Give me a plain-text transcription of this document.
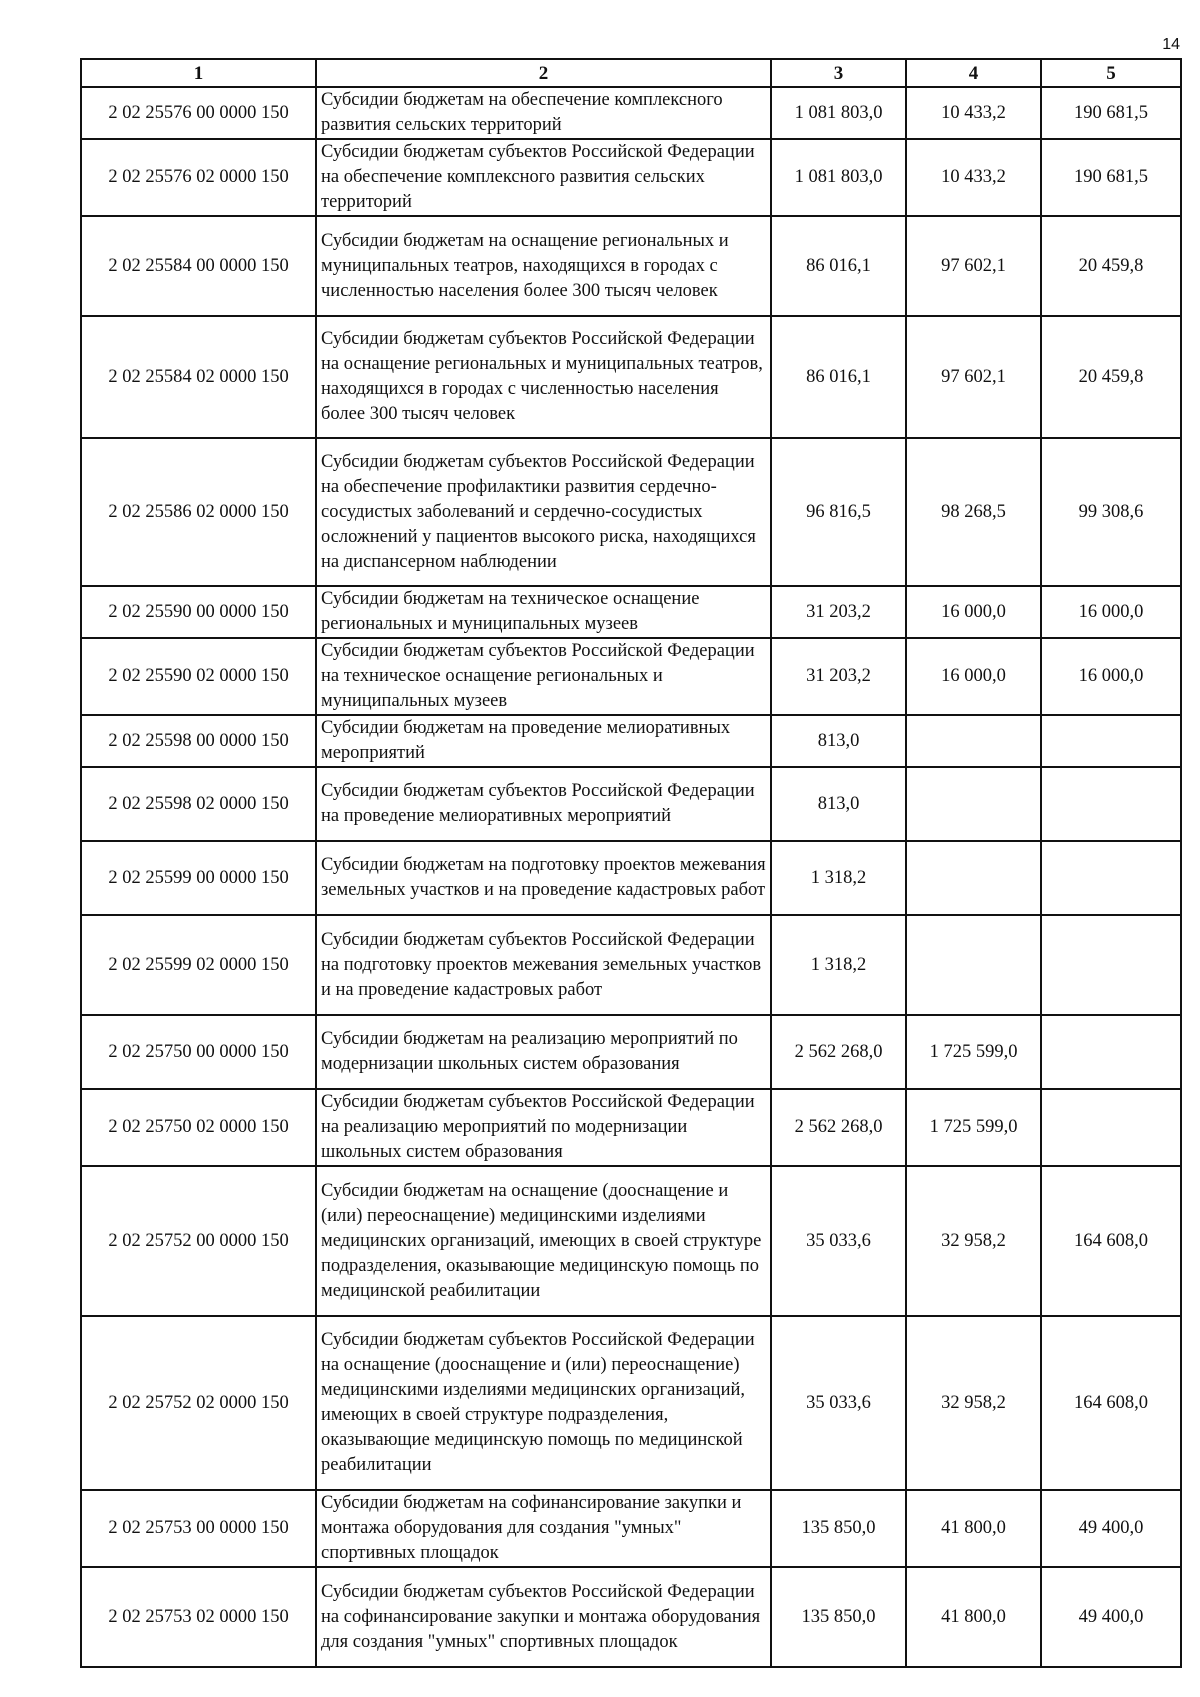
14
1	2	3	4	5
2 02 25576 00 0000 150	Субсидии бюджетам на обеспечение комплексного развития сельских территорий	1 081 803,0	10 433,2	190 681,5
2 02 25576 02 0000 150	Субсидии бюджетам субъектов Российской Федерации на обеспечение комплексного развития сельских территорий	1 081 803,0	10 433,2	190 681,5
2 02 25584 00 0000 150	Субсидии бюджетам на оснащение региональных и муниципальных театров, находящихся в городах с численностью населения более 300 тысяч человек	86 016,1	97 602,1	20 459,8
2 02 25584 02 0000 150	Субсидии бюджетам субъектов Российской Федерации на оснащение региональных и муниципальных театров, находящихся в городах с численностью населения более 300 тысяч человек	86 016,1	97 602,1	20 459,8
2 02 25586 02 0000 150	Субсидии бюджетам субъектов Российской Федерации на обеспечение профилактики развития сердечно-сосудистых заболеваний и сердечно-сосудистых осложнений у пациентов высокого риска, находящихся на диспансерном наблюдении	96 816,5	98 268,5	99 308,6
2 02 25590 00 0000 150	Субсидии бюджетам на техническое оснащение региональных и муниципальных музеев	31 203,2	16 000,0	16 000,0
2 02 25590 02 0000 150	Субсидии бюджетам субъектов Российской Федерации на техническое оснащение региональных и муниципальных музеев	31 203,2	16 000,0	16 000,0
2 02 25598 00 0000 150	Субсидии бюджетам на проведение мелиоративных мероприятий	813,0		
2 02 25598 02 0000 150	Субсидии бюджетам субъектов Российской Федерации на проведение мелиоративных мероприятий	813,0		
2 02 25599 00 0000 150	Субсидии бюджетам на подготовку проектов межевания земельных участков и на проведение кадастровых работ	1 318,2		
2 02 25599 02 0000 150	Субсидии бюджетам субъектов Российской Федерации на подготовку проектов межевания земельных участков и на проведение кадастровых работ	1 318,2		
2 02 25750 00 0000 150	Субсидии бюджетам на реализацию мероприятий по модернизации школьных систем образования	2 562 268,0	1 725 599,0	
2 02 25750 02 0000 150	Субсидии бюджетам субъектов Российской Федерации на реализацию мероприятий по модернизации школьных систем образования	2 562 268,0	1 725 599,0	
2 02 25752 00 0000 150	Субсидии бюджетам на оснащение (дооснащение и (или) переоснащение) медицинскими изделиями медицинских организаций, имеющих в своей структуре подразделения, оказывающие медицинскую помощь по медицинской реабилитации	35 033,6	32 958,2	164 608,0
2 02 25752 02 0000 150	Субсидии бюджетам субъектов Российской Федерации на оснащение (дооснащение и (или) переоснащение) медицинскими изделиями медицинских организаций, имеющих в своей структуре подразделения, оказывающие медицинскую помощь по медицинской реабилитации	35 033,6	32 958,2	164 608,0
2 02 25753 00 0000 150	Субсидии бюджетам на софинансирование закупки и монтажа оборудования для создания "умных" спортивных площадок	135 850,0	41 800,0	49 400,0
2 02 25753 02 0000 150	Субсидии бюджетам субъектов Российской Федерации на софинансирование закупки и монтажа оборудования для создания "умных" спортивных площадок	135 850,0	41 800,0	49 400,0
